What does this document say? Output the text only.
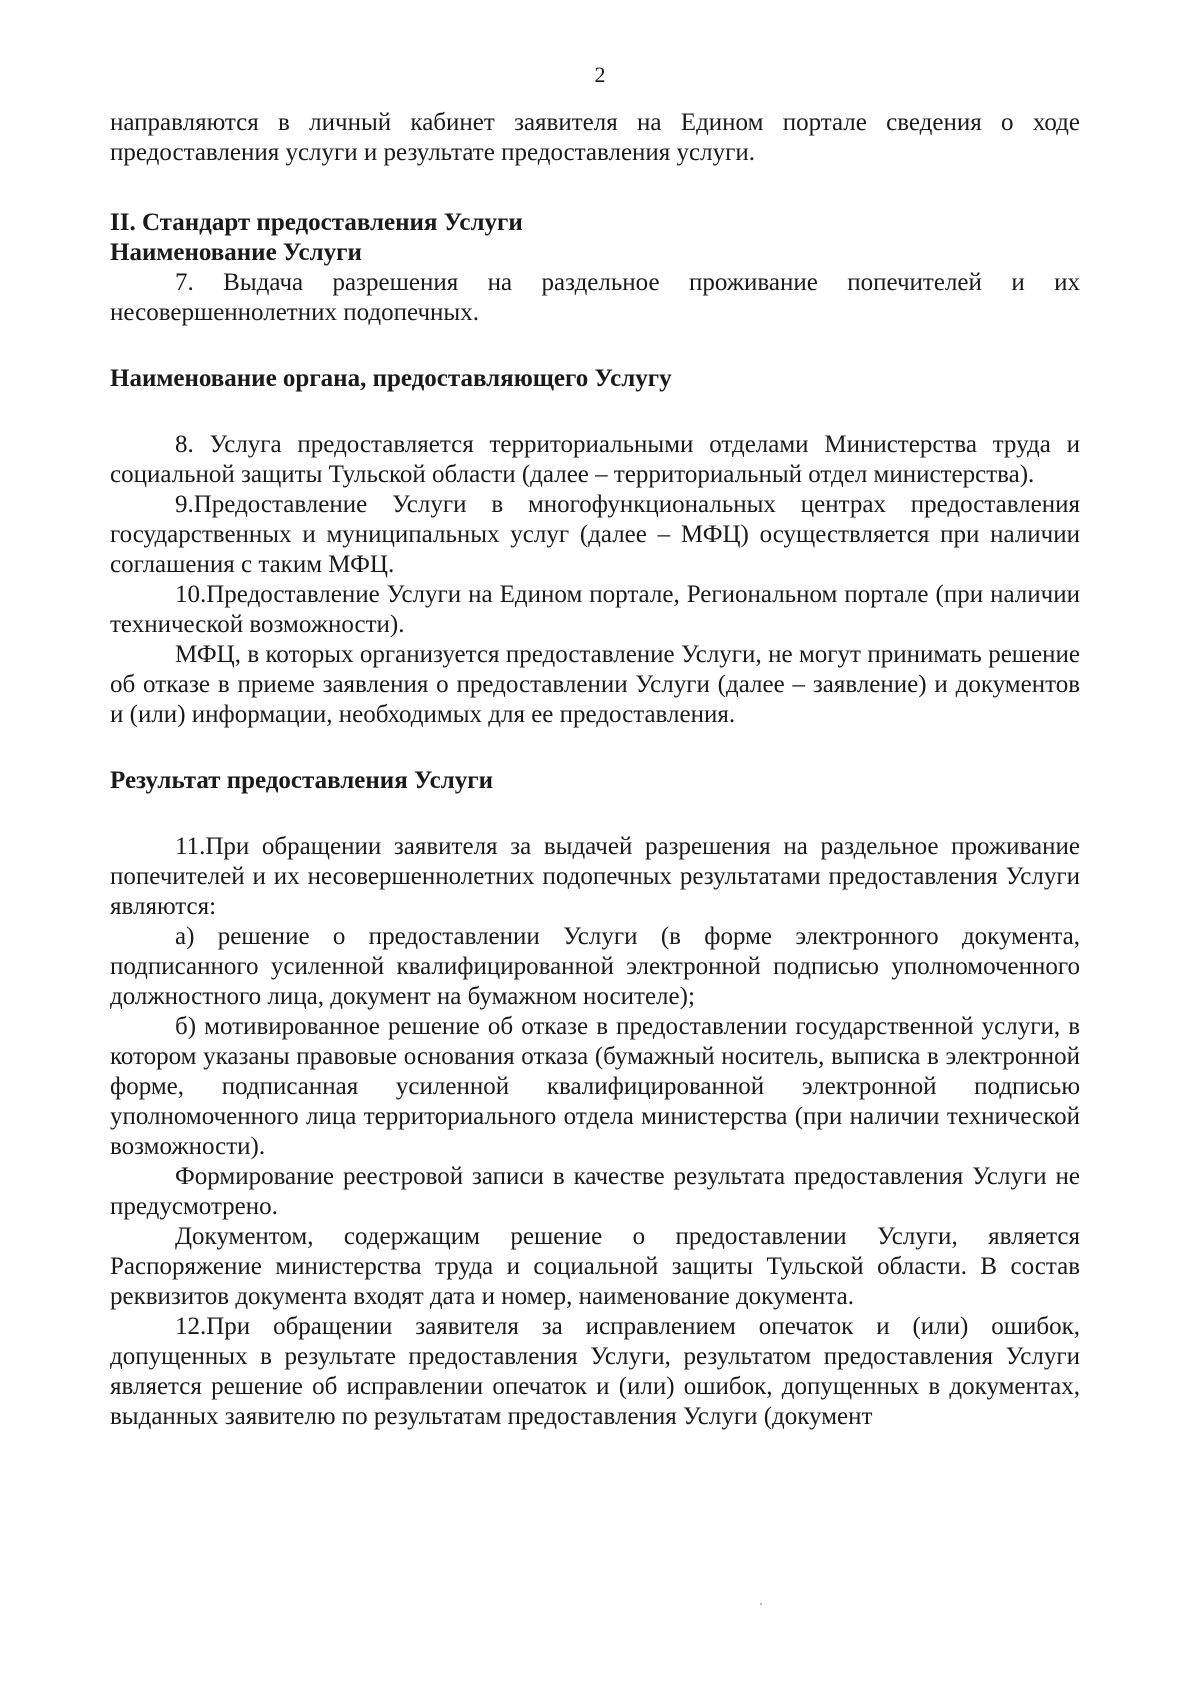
2

направляются в личный кабинет заявителя на Едином портале сведения о ходе предоставления услуги и результате предоставления услуги.

II. Стандарт предоставления Услуги

Наименование Услуги

7. Выдача разрешения на раздельное проживание попечителей и их несовершеннолетних подопечных.

Наименование органа, предоставляющего Услугу

8. Услуга предоставляется территориальными отделами Министерства труда и социальной защиты Тульской области (далее – территориальный отдел министерства).

9.Предоставление Услуги в многофункциональных центрах предоставления государственных и муниципальных услуг (далее – МФЦ) осуществляется при наличии соглашения с таким МФЦ.

10.Предоставление Услуги на Едином портале, Региональном портале (при наличии технической возможности).

МФЦ, в которых организуется предоставление Услуги, не могут принимать решение об отказе в приеме заявления о предоставлении Услуги (далее – заявление) и документов и (или) информации, необходимых для ее предоставления.

Результат предоставления Услуги

11.При обращении заявителя за выдачей разрешения на раздельное проживание попечителей и их несовершеннолетних подопечных результатами предоставления Услуги являются:

а) решение о предоставлении Услуги (в форме электронного документа, подписанного усиленной квалифицированной электронной подписью уполномоченного должностного лица, документ на бумажном носителе);

б) мотивированное решение об отказе в предоставлении государственной услуги, в котором указаны правовые основания отказа (бумажный носитель, выписка в электронной форме, подписанная усиленной квалифицированной электронной подписью уполномоченного лица территориального отдела министерства (при наличии технической возможности).

Формирование реестровой записи в качестве результата предоставления Услуги не предусмотрено.

Документом, содержащим решение о предоставлении Услуги, является Распоряжение министерства труда и социальной защиты Тульской области. В состав реквизитов документа входят дата и номер, наименование документа.

12.При обращении заявителя за исправлением опечаток и (или) ошибок, допущенных в результате предоставления Услуги, результатом предоставления Услуги является решение об исправлении опечаток и (или) ошибок, допущенных в документах, выданных заявителю по результатам предоставления Услуги (документ
